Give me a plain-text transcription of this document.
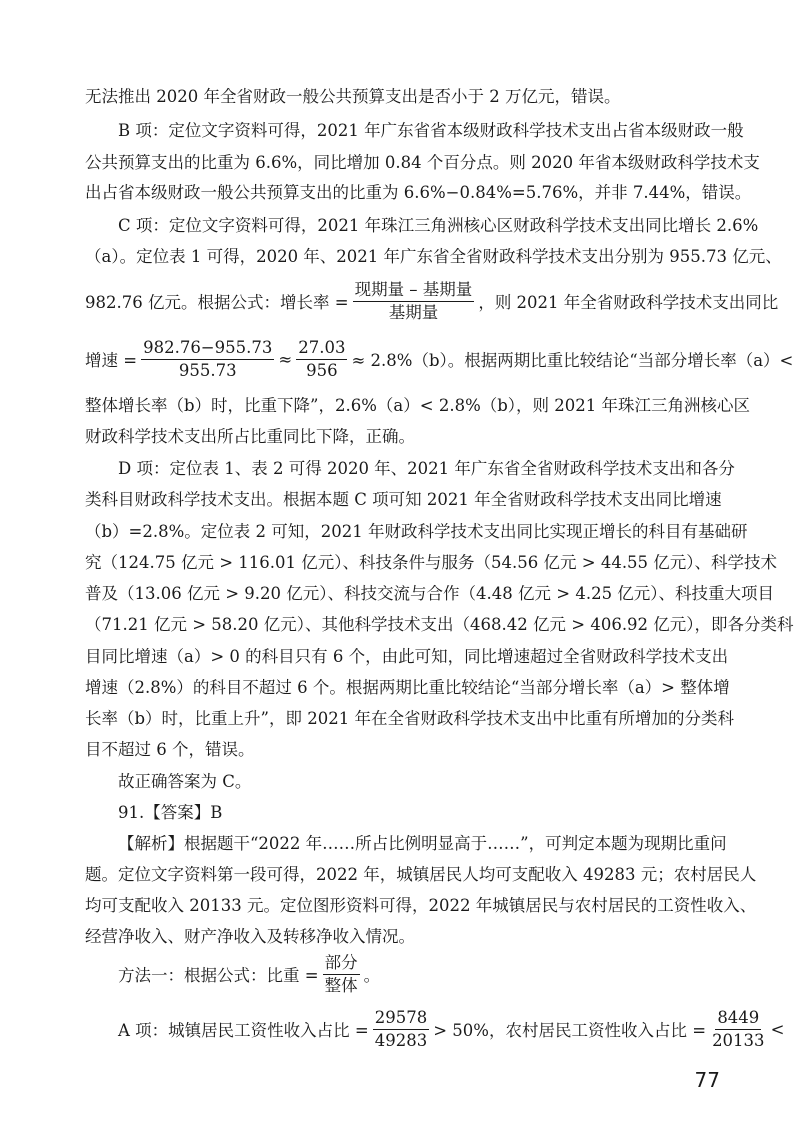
无法推出 2020 年全省财政一般公共预算支出是否小于 2 万亿元，错误。
B 项：定位文字资料可得，2021 年广东省省本级财政科学技术支出占省本级财政一般
公共预算支出的比重为 6.6%，同比增加 0.84 个百分点。则 2020 年省本级财政科学技术支
出占省本级财政一般公共预算支出的比重为 6.6%−0.84%=5.76%，并非 7.44%，错误。
C 项：定位文字资料可得，2021 年珠江三角洲核心区财政科学技术支出同比增长 2.6%
（a）。定位表 1 可得，2020 年、2021 年广东省全省财政科学技术支出分别为 955.73 亿元、
982.76 亿元。根据公式：增长率 = $\frac{\text{现期量 – 基期量}}{\text{基期量}}$ ，则 2021 年全省财政科学技术支出同比
增速 = $\frac{982.76-955.73}{955.73} \approx \frac{27.03}{956} \approx 2.8\%(b)$。根据两期比重比较结论“当部分增长率（a）<
整体增长率（b）时，比重下降”，2.6%（a）< 2.8%（b），则 2021 年珠江三角洲核心区
财政科学技术支出所占比重同比下降，正确。
D 项：定位表 1、表 2 可得 2020 年、2021 年广东省全省财政科学技术支出和各分
类科目财政科学技术支出。根据本题 C 项可知 2021 年全省财政科学技术支出同比增速
（b）=2.8%。定位表 2 可知，2021 年财政科学技术支出同比实现正增长的科目有基础研
究（124.75 亿元 > 116.01 亿元）、科技条件与服务（54.56 亿元 > 44.55 亿元）、科学技术
普及（13.06 亿元 > 9.20 亿元）、科技交流与合作（4.48 亿元 > 4.25 亿元）、科技重大项目
（71.21 亿元 > 58.20 亿元）、其他科学技术支出（468.42 亿元 > 406.92 亿元），即各分类科
目同比增速（a）> 0 的科目只有 6 个，由此可知，同比增速超过全省财政科学技术支出
增速（2.8%）的科目不超过 6 个。根据两期比重比较结论“当部分增长率（a）> 整体增
长率（b）时，比重上升”，即 2021 年在全省财政科学技术支出中比重有所增加的分类科
目不超过 6 个，错误。
故正确答案为 C。
91.【答案】B
【解析】根据题干“2022 年……所占比例明显高于……”，可判定本题为现期比重问
题。定位文字资料第一段可得，2022 年，城镇居民人均可支配收入 49283 元；农村居民人
均可支配收入 20133 元。定位图形资料可得，2022 年城镇居民与农村居民的工资性收入、
经营净收入、财产净收入及转移净收入情况。
方法一：根据公式：比重 = $\frac{\text{部分}}{\text{整体}}$ 。
A 项：城镇居民工资性收入占比 = $\frac{29578}{49283} > 50\%$，农村居民工资性收入占比 = $\frac{8449}{20133}$ <
77
